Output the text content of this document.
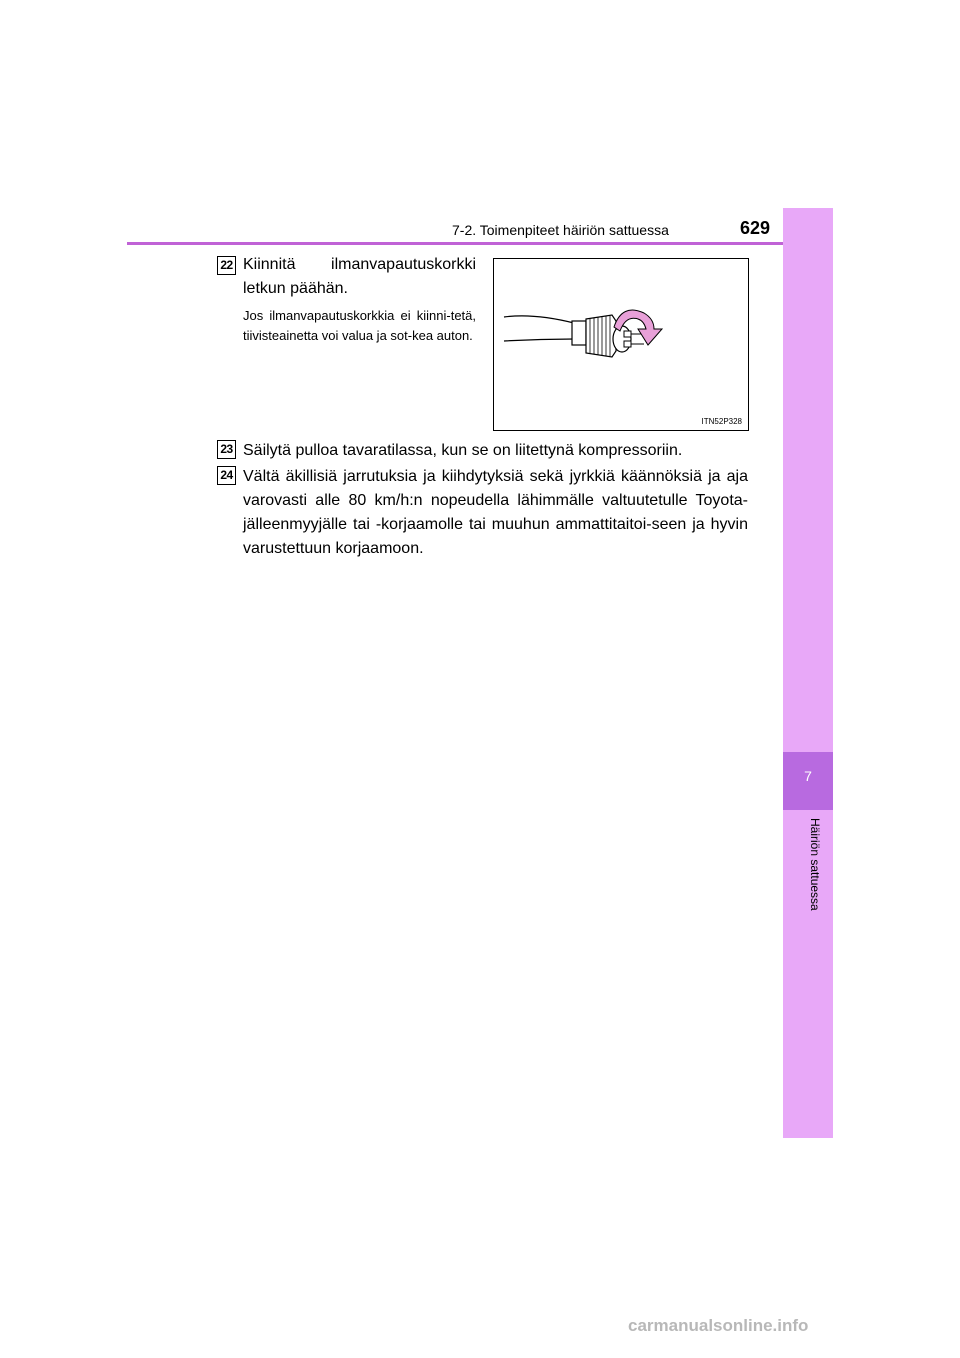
7-2. Toimenpiteet häiriön sattuessa	629
7
Häiriön sattuessa
22 Kiinnitä ilmanvapautuskorkki
letkun päähän.
Jos ilmanvapautuskorkkia ei kiinni-tetä, tiivisteainetta voi valua ja sot-kea auton.
ITN52P328
23 Säilytä pulloa tavaratilassa, kun se on liitettynä kompressoriin.
24 Vältä äkillisiä jarrutuksia ja kiihdytyksiä sekä jyrkkiä käännöksiä ja aja varovasti alle 80 km/h:n nopeudella lähimmälle valtuutetulle Toyota-jälleenmyyjälle tai -korjaamolle tai muuhun ammattitaitoi-seen ja hyvin varustettuun korjaamoon.
carmanualsonline.info
